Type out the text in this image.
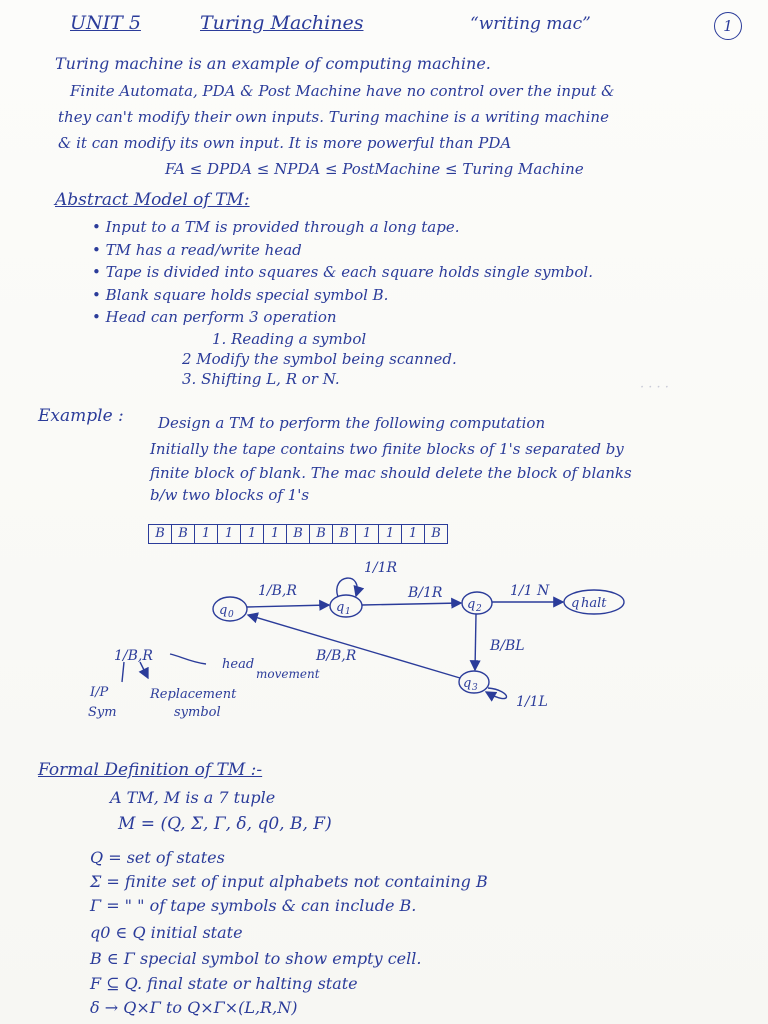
· · · ·
UNIT 5	Turing Machines	“writing mac”	1
Turing machine is an example of computing machine.
Finite Automata, PDA & Post Machine have no control over the input &
they can't modify their own inputs. Turing machine is a writing machine
& it can modify its own input. It is more powerful than PDA
FA ≤ DPDA ≤ NPDA ≤ PostMachine ≤ Turing Machine
Abstract Model of TM:
• Input to a TM is provided through a long tape.
• TM has a read/write head
• Tape is divided into squares & each square holds single symbol.
• Blank square holds special symbol B.
• Head can perform 3 operation
1. Reading a symbol
2 Modify the symbol being scanned.
3. Shifting L, R or N.
Example : Design a TM to perform the following computation
Initially the tape contains two finite blocks of 1's separated by
finite block of blank. The mac should delete the block of blanks
b/w two blocks of 1's
B	B	1	1	1	1	B	B	B	1	1	1	B
q 0	q 1	q 2	q halt
q 3
1/B,R
1/1R
B/1R	1/1 N
B/BL
1/1L
B/B,R
1/B,R
head
movement
I/P
Sym
Replacement
symbol
Formal Definition of TM :-
A TM, M is a 7 tuple
M = (Q, Σ, Γ, δ, q0, B, F)
Q = set of states
Σ = finite set of input alphabets not containing B
Γ = " " of tape symbols & can include B.
q0 ∈ Q initial state
B ∈ Γ special symbol to show empty cell.
F ⊆ Q. final state or halting state
δ → Q×Γ to Q×Γ×(L,R,N)
